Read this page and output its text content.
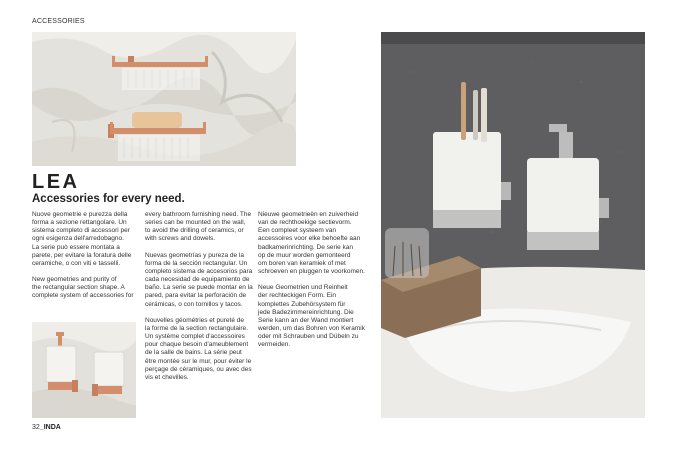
ACCESSORIES
LEA
Accessories for every need.

Nuove geometrie e purezza della
forma a sezione rettangolare. Un
sistema completo di accessori per
ogni esigenza dell'arredobagno.
La serie può essere montata a
parete, per evitare la foratura delle
ceramiche, o con viti e tasselli.

New geometries and purity of
the rectangular section shape. A
complete system of accessories for

every bathroom furnishing need. The
series can be mounted on the wall,
to avoid the drilling of ceramics, or
with screws and dowels.

Nuevas geometrías y pureza de la
forma de la sección rectangular. Un
completo sistema de accesorios para
cada necesidad de equipamiento de
baño. La serie se puede montar en la
pared, para evitar la perforación de
cerámicas, o con tornillos y tacos.

Nouvelles géométries et pureté de
la forme de la section rectangulaire.
Un système complet d'accessoires
pour chaque besoin d'ameublement
de la salle de bains. La série peut
être montée sur le mur, pour éviter le
perçage de céramiques, ou avec des
vis et chevilles.

Nieuwe geometrieën en zuiverheid
van de rechthoekige sectievorm.
Een compleet systeem van
accessoires voor elke behoefte aan
badkamerinrichting. De serie kan
op de muur worden gemonteerd
om boren van keramiek of met
schroeven en pluggen te voorkomen.

Neue Geometrien und Reinheit
der rechteckigen Form. Ein
komplettes Zubehörsystem für
jede Badezimmereinrichtung. Die
Serie kann an der Wand montiert
werden, um das Bohren von Keramik
oder mit Schrauben und Dübeln zu
vermeiden.

32_INDA
